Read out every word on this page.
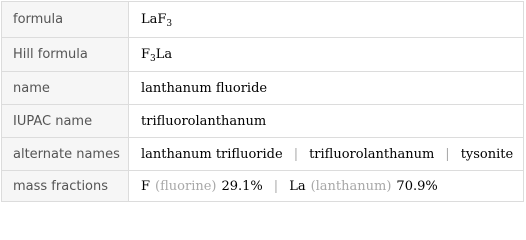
formula	LaF 3
Hill formula	F 3 La
name	lanthanum fluoride
IUPAC name	trifluorolanthanum
alternate names	lanthanum trifluoride | trifluorolanthanum | tysonite
mass fractions	F (fluorine) 29.1% | La (lanthanum) 70.9%
